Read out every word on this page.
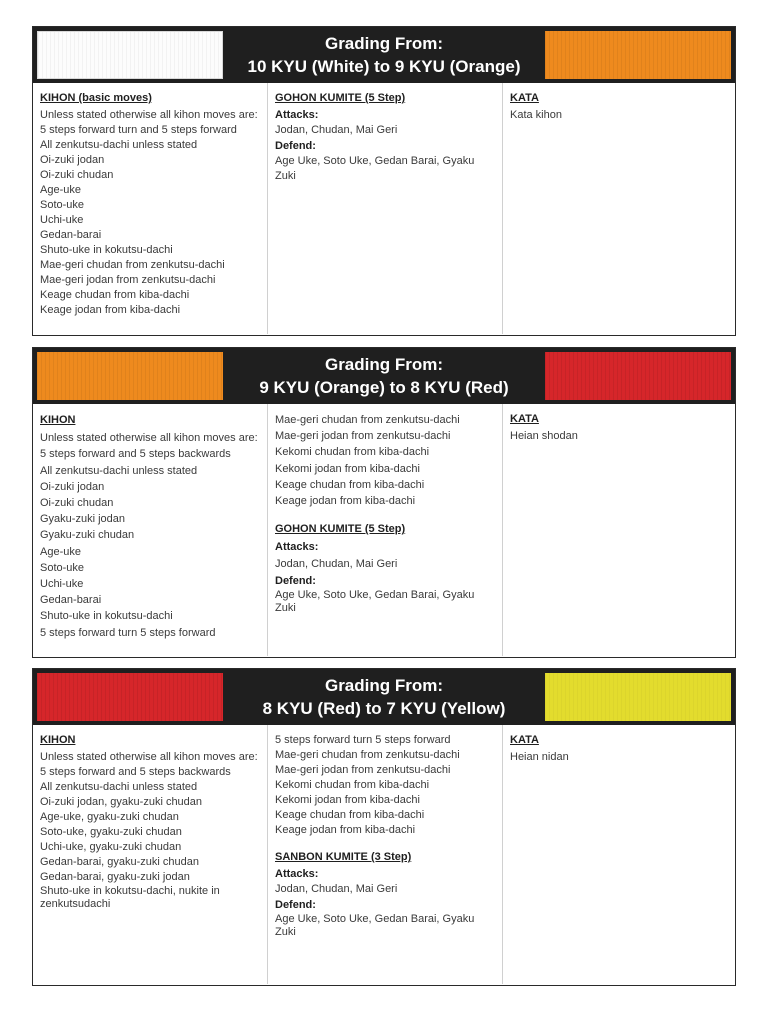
Grading From:
10 KYU (White) to 9 KYU (Orange)
KIHON (basic moves)
Unless stated otherwise all kihon moves are:
5 steps forward turn and 5 steps forward
All zenkutsu-dachi unless stated
Oi-zuki jodan
Oi-zuki chudan
Age-uke
Soto-uke
Uchi-uke
Gedan-barai
Shuto-uke in kokutsu-dachi
Mae-geri chudan from zenkutsu-dachi
Mae-geri jodan from zenkutsu-dachi
Keage chudan from kiba-dachi
Keage jodan from kiba-dachi
GOHON KUMITE (5 Step)
Attacks:
Jodan, Chudan, Mai Geri
Defend:
Age Uke, Soto Uke, Gedan Barai, Gyaku Zuki
KATA
Kata kihon
Grading From:
9 KYU (Orange) to 8 KYU (Red)
KIHON
Unless stated otherwise all kihon moves are:
5 steps forward and 5 steps backwards
All zenkutsu-dachi unless stated
Oi-zuki jodan
Oi-zuki chudan
Gyaku-zuki jodan
Gyaku-zuki chudan
Age-uke
Soto-uke
Uchi-uke
Gedan-barai
Shuto-uke in kokutsu-dachi
5 steps forward turn 5 steps forward
Mae-geri chudan from zenkutsu-dachi
Mae-geri jodan from zenkutsu-dachi
Kekomi chudan from kiba-dachi
Kekomi jodan from kiba-dachi
Keage chudan from kiba-dachi
Keage jodan from kiba-dachi
GOHON KUMITE (5 Step)
Attacks:
Jodan, Chudan, Mai Geri
Defend:
Age Uke, Soto Uke, Gedan Barai, Gyaku Zuki
KATA
Heian shodan
Grading From:
8 KYU (Red) to 7 KYU (Yellow)
KIHON
Unless stated otherwise all kihon moves are:
5 steps forward and 5 steps backwards
All zenkutsu-dachi unless stated
Oi-zuki jodan, gyaku-zuki chudan
Age-uke, gyaku-zuki chudan
Soto-uke, gyaku-zuki chudan
Uchi-uke, gyaku-zuki chudan
Gedan-barai, gyaku-zuki chudan
Gedan-barai, gyaku-zuki jodan
Shuto-uke in kokutsu-dachi, nukite in zenkutsudachi
5 steps forward turn 5 steps forward
Mae-geri chudan from zenkutsu-dachi
Mae-geri jodan from zenkutsu-dachi
Kekomi chudan from kiba-dachi
Kekomi jodan from kiba-dachi
Keage chudan from kiba-dachi
Keage jodan from kiba-dachi
SANBON KUMITE (3 Step)
Attacks:
Jodan, Chudan, Mai Geri
Defend:
Age Uke, Soto Uke, Gedan Barai, Gyaku Zuki
KATA
Heian nidan
